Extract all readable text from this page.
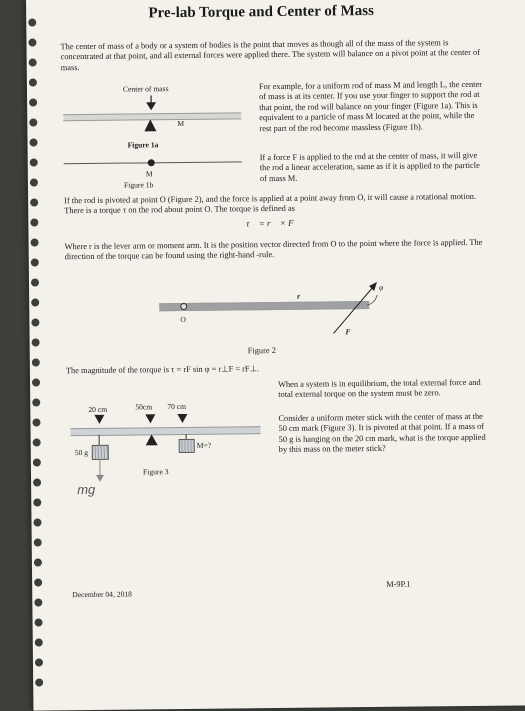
Pre-lab Torque and Center of Mass

The center of mass of a body or a system of bodies is the point that moves as though all of the mass of the system is concentrated at that point, and all external forces were applied there. The system will balance on a pivot point at the center of mass.

Center of mass
M
Figure 1a
M
Figure 1b

For example, for a uniform rod of mass M and length L, the center of mass is at its center. If you use your finger to support the rod at that point, the rod will balance on your finger (Figure 1a). This is equivalent to a particle of mass M located at the point, while the rest part of the rod become massless (Figure 1b).

If a force F is applied to the rod at the center of mass, it will give the rod a linear acceleration, same as if it is applied to the particle of mass M.

If the rod is pivoted at point O (Figure 2), and the force is applied at a point away from O, it will cause a rotational motion. There is a torque τ on the rod about point O. The torque is defined as

τ⃗ = r⃗ × F⃗

Where r is the lever arm or moment arm. It is the position vector directed from O to the point where the force is applied. The direction of the torque can be found using the right-hand -rule.

O
r
φ
F
Figure 2

The magnitude of the torque is τ = rF sin φ = r⊥F = rF⊥.

When a system is in equilibrium, the total external force and total external torque on the system must be zero.

20 cm	50cm 70 cm
50 g
M=?
mg
Figure 3

Consider a uniform meter stick with the center of mass at the 50 cm mark (Figure 3). It is pivoted at that point. If a mass of 50 g is hanging on the 20 cm mark, what is the torque applied by this mass on the meter stick?

M-9P.1
December 04, 2018
